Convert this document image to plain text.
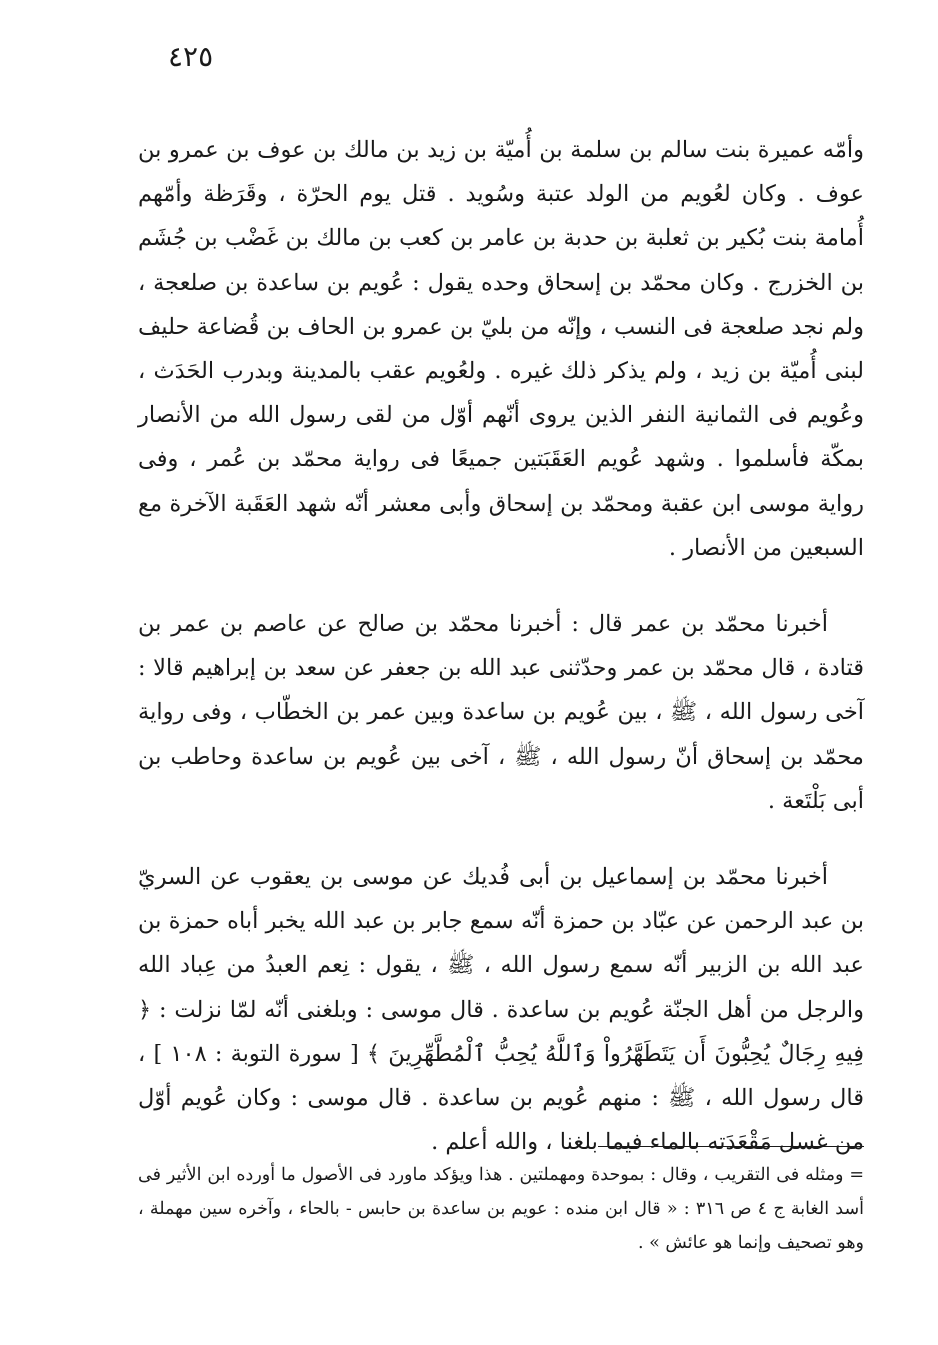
٤٢٥

وأمّه عميرة بنت سالم بن سلمة بن أُميّة بن زيد بن مالك بن عوف بن عمرو بن عوف . وكان لعُويم من الولد عتبة وسُويد . قتل يوم الحرّة ، وقَرَظة وأمّهم أُمامة بنت بُكير بن ثعلبة بن حدبة بن عامر بن كعب بن مالك بن غَضْب بن جُشَم بن الخزرج . وكان محمّد بن إسحاق وحده يقول : عُويم بن ساعدة بن صلعجة ، ولم نجد صلعجة فى النسب ، وإنّه من بليّ بن عمرو بن الحاف بن قُضاعة حليف لبنى أُميّة بن زيد ، ولم يذكر ذلك غيره . ولعُويم عقب بالمدينة وبدرب الحَدَث ، وعُويم فى الثمانية النفر الذين يروى أنّهم أوّل من لقى رسول الله من الأنصار بمكّة فأسلموا . وشهد عُويم العَقَبَتين جميعًا فى رواية محمّد بن عُمر ، وفى رواية موسى ابن عقبة ومحمّد بن إسحاق وأبى معشر أنّه شهد العَقَبة الآخرة مع السبعين من الأنصار .

أخبرنا محمّد بن عمر قال : أخبرنا محمّد بن صالح عن عاصم بن عمر بن قتادة ، قال محمّد بن عمر وحدّثنى عبد الله بن جعفر عن سعد بن إبراهيم قالا : آخى رسول الله ، ﷺ ، بين عُويم بن ساعدة وبين عمر بن الخطّاب ، وفى رواية محمّد بن إسحاق أنّ رسول الله ، ﷺ ، آخى بين عُويم بن ساعدة وحاطب بن أبى بَلْتَعة .

أخبرنا محمّد بن إسماعيل بن أبى فُديك عن موسى بن يعقوب عن السريّ بن عبد الرحمن عن عبّاد بن حمزة أنّه سمع جابر بن عبد الله يخبر أباه حمزة بن عبد الله بن الزبير أنّه سمع رسول الله ، ﷺ ، يقول : نِعم العبدُ من عِباد الله والرجل من أهل الجنّة عُويم بن ساعدة . قال موسى : وبلغنى أنّه لمّا نزلت : ﴿ فِيهِ رِجَالٌ يُحِبُّونَ أَن يَتَطَهَّرُواْ وَٱللَّهُ يُحِبُّ ٱلْمُطَّهِّرِينَ ﴾ [ سورة التوبة : ١٠٨ ] ، قال رسول الله ، ﷺ : منهم عُويم بن ساعدة . قال موسى : وكان عُويم أوّل من غسل مَقْعَدَته بالماء فيما بلغنا ، والله أعلم .

= ومثله فى التقريب ، وقال : بموحدة ومهملتين . هذا ويؤكد ماورد فى الأصول ما أورده ابن الأثير فى أسد الغابة ج ٤ ص ٣١٦ : « قال ابن منده : عويم بن ساعدة بن حابس - بالحاء ، وآخره سين مهملة ، وهو تصحيف وإنما هو عائش » .
